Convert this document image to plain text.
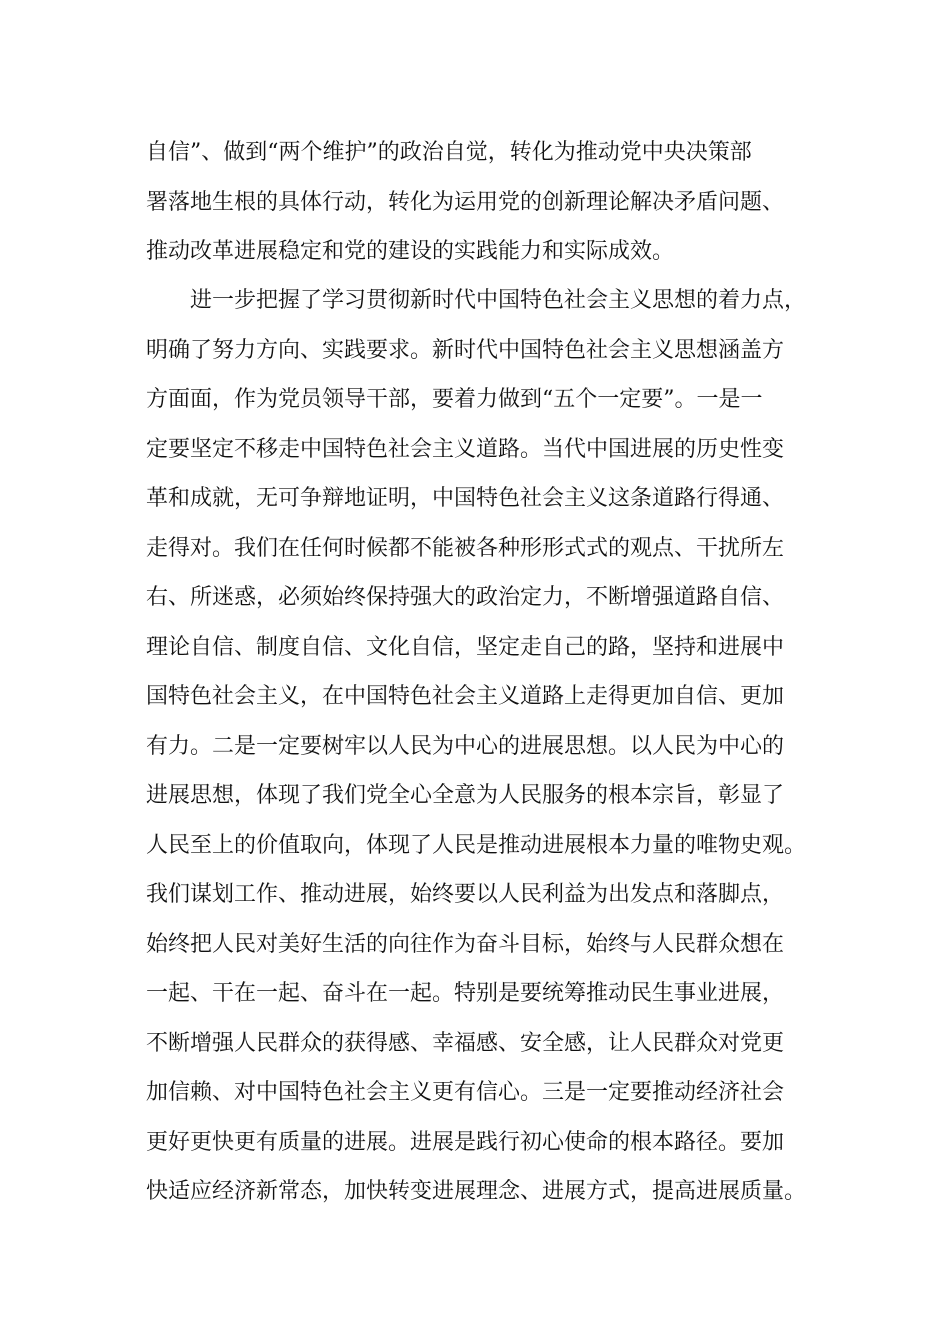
自信”、做到“两个维护”的政治自觉，转化为推动党中央决策部
署落地生根的具体行动，转化为运用党的创新理论解决矛盾问题、
推动改革进展稳定和党的建设的实践能力和实际成效。
进一步把握了学习贯彻新时代中国特色社会主义思想的着力点，
明确了努力方向、实践要求。新时代中国特色社会主义思想涵盖方
方面面，作为党员领导干部，要着力做到“五个一定要”。一是一
定要坚定不移走中国特色社会主义道路。当代中国进展的历史性变
革和成就，无可争辩地证明，中国特色社会主义这条道路行得通、
走得对。我们在任何时候都不能被各种形形式式的观点、干扰所左
右、所迷惑，必须始终保持强大的政治定力，不断增强道路自信、
理论自信、制度自信、文化自信，坚定走自己的路，坚持和进展中
国特色社会主义，在中国特色社会主义道路上走得更加自信、更加
有力。二是一定要树牢以人民为中心的进展思想。以人民为中心的
进展思想，体现了我们党全心全意为人民服务的根本宗旨，彰显了
人民至上的价值取向，体现了人民是推动进展根本力量的唯物史观。
我们谋划工作、推动进展，始终要以人民利益为出发点和落脚点，
始终把人民对美好生活的向往作为奋斗目标，始终与人民群众想在
一起、干在一起、奋斗在一起。特别是要统筹推动民生事业进展，
不断增强人民群众的获得感、幸福感、安全感，让人民群众对党更
加信赖、对中国特色社会主义更有信心。三是一定要推动经济社会
更好更快更有质量的进展。进展是践行初心使命的根本路径。要加
快适应经济新常态，加快转变进展理念、进展方式，提高进展质量。
